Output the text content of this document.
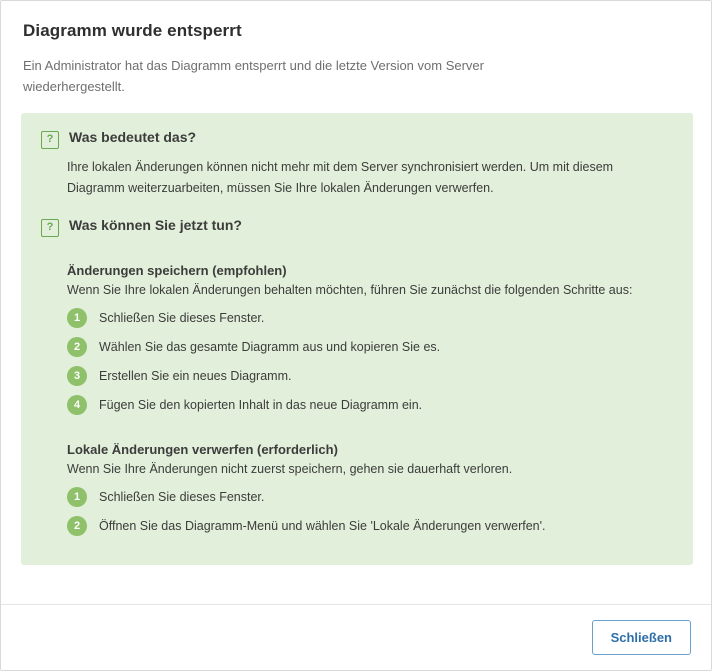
Diagramm wurde entsperrt
Ein Administrator hat das Diagramm entsperrt und die letzte Version vom Server wiederhergestellt.
?	Was bedeutet das?

Ihre lokalen Änderungen können nicht mehr mit dem Server synchronisiert werden. Um mit diesem Diagramm weiterzuarbeiten, müssen Sie Ihre lokalen Änderungen verwerfen.

?	Was können Sie jetzt tun?
Änderungen speichern (empfohlen)
Wenn Sie Ihre lokalen Änderungen behalten möchten, führen Sie zunächst die folgenden Schritte aus:
1	Schließen Sie dieses Fenster.
2	Wählen Sie das gesamte Diagramm aus und kopieren Sie es.
3	Erstellen Sie ein neues Diagramm.
4	Fügen Sie den kopierten Inhalt in das neue Diagramm ein.
Lokale Änderungen verwerfen (erforderlich)
Wenn Sie Ihre Änderungen nicht zuerst speichern, gehen sie dauerhaft verloren.
1	Schließen Sie dieses Fenster.
2	Öffnen Sie das Diagramm-Menü und wählen Sie 'Lokale Änderungen verwerfen'.
Schließen
